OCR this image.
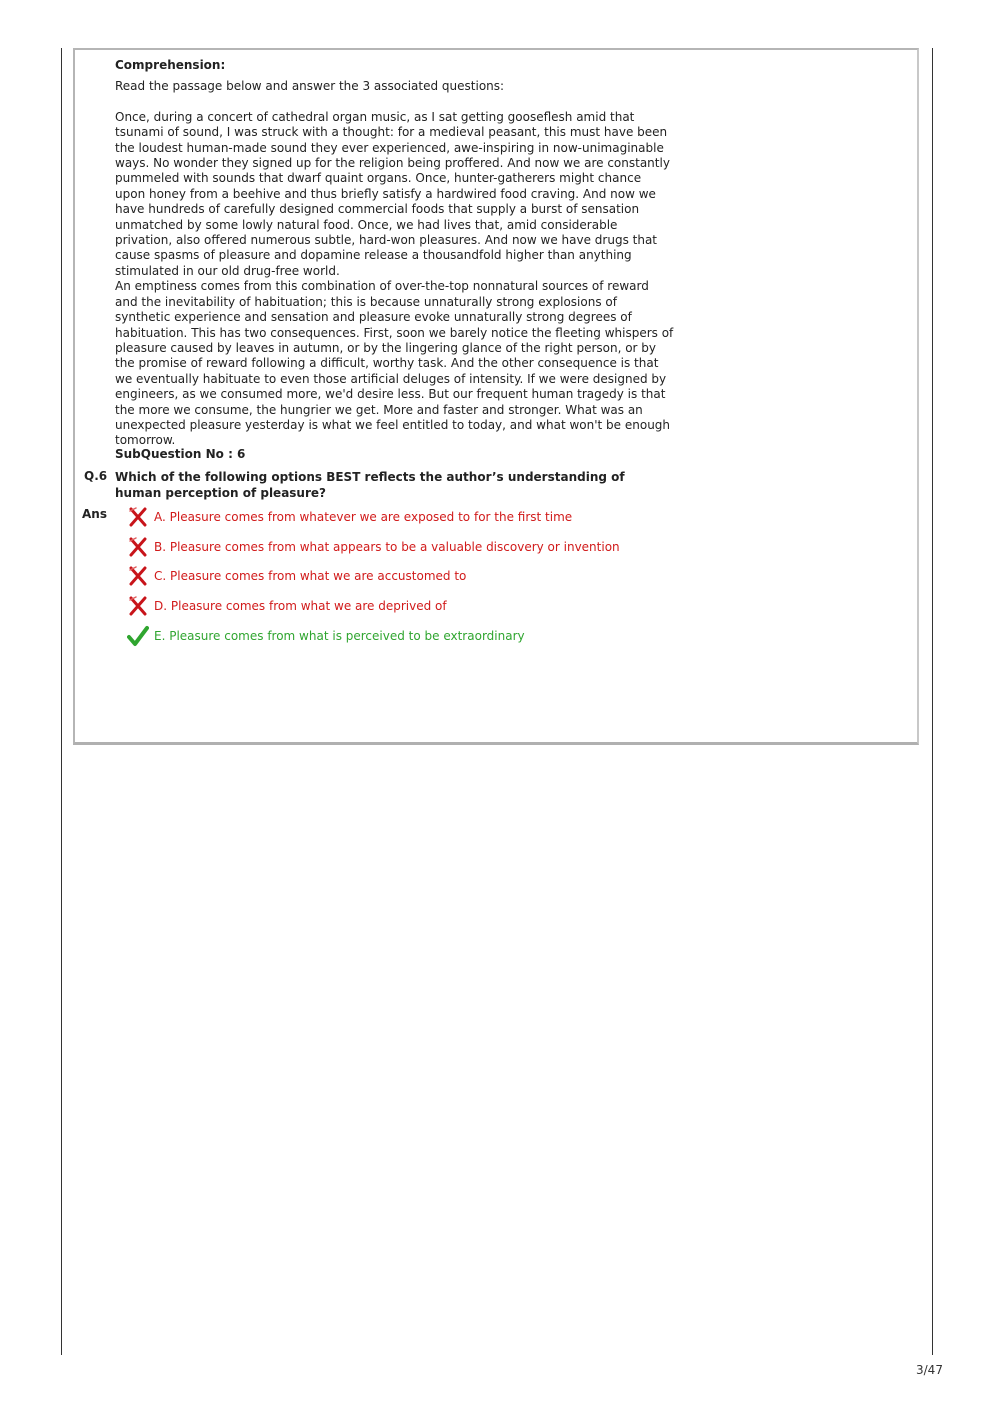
Comprehension:

Read the passage below and answer the 3 associated questions:

Once, during a concert of cathedral organ music, as I sat getting gooseflesh amid that tsunami of sound, I was struck with a thought: for a medieval peasant, this must have been the loudest human-made sound they ever experienced, awe-inspiring in now-unimaginable ways. No wonder they signed up for the religion being proffered. And now we are constantly pummeled with sounds that dwarf quaint organs. Once, hunter-gatherers might chance upon honey from a beehive and thus briefly satisfy a hardwired food craving. And now we have hundreds of carefully designed commercial foods that supply a burst of sensation unmatched by some lowly natural food. Once, we had lives that, amid considerable privation, also offered numerous subtle, hard-won pleasures. And now we have drugs that cause spasms of pleasure and dopamine release a thousandfold higher than anything stimulated in our old drug-free world.

An emptiness comes from this combination of over-the-top nonnatural sources of reward and the inevitability of habituation; this is because unnaturally strong explosions of synthetic experience and sensation and pleasure evoke unnaturally strong degrees of habituation. This has two consequences. First, soon we barely notice the fleeting whispers of pleasure caused by leaves in autumn, or by the lingering glance of the right person, or by the promise of reward following a difficult, worthy task. And the other consequence is that we eventually habituate to even those artificial deluges of intensity. If we were designed by engineers, as we consumed more, we'd desire less. But our frequent human tragedy is that the more we consume, the hungrier we get. More and faster and stronger. What was an unexpected pleasure yesterday is what we feel entitled to today, and what won't be enough tomorrow.

SubQuestion No : 6
Q.6 Which of the following options BEST reflects the author’s understanding of human perception of pleasure?
Ans	A. Pleasure comes from whatever we are exposed to for the first time
B. Pleasure comes from what appears to be a valuable discovery or invention
C. Pleasure comes from what we are accustomed to
D. Pleasure comes from what we are deprived of
E. Pleasure comes from what is perceived to be extraordinary
3/47
